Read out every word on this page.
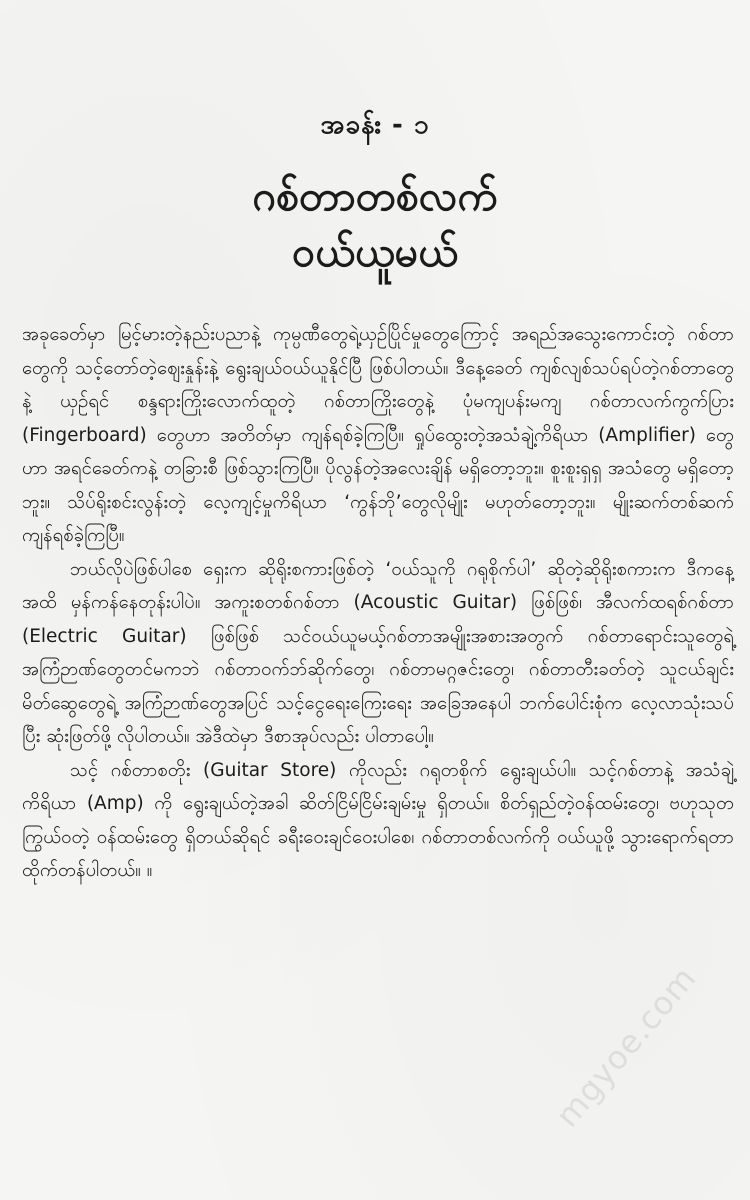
အခန်း - ၁
ဂစ်တာတစ်လက်
ဝယ်ယူမယ်

အခုခေတ်မှာ မြင့်မားတဲ့နည်းပညာနဲ့ ကုမ္ပဏီတွေရဲ့ယှဉ်ပြိုင်မှုတွေကြောင့် အရည်အသွေးကောင်းတဲ့ ဂစ်တာတွေကို သင့်တော်တဲ့ဈေးနှုန်းနဲ့ ရွေးချယ်ဝယ်ယူနိုင်ပြီ ဖြစ်ပါတယ်။ ဒီနေ့ခေတ် ကျစ်လျစ်သပ်ရပ်တဲ့ဂစ်တာတွေနဲ့ ယှဉ်ရင် စန္ဒရားကြိုးလောက်ထူတဲ့ ဂစ်တာကြိုးတွေနဲ့ ပုံမကျပန်းမကျ ဂစ်တာလက်ကွက်ပြား (Fingerboard) တွေဟာ အတိတ်မှာ ကျန်ရစ်ခဲ့ကြပြီ။ ရှုပ်ထွေးတဲ့အသံချဲ့ကိရိယာ (Amplifier) တွေဟာ အရင်ခေတ်ကနဲ့ တခြားစီ ဖြစ်သွားကြပြီ။ ပိုလွန်တဲ့အလေးချိန် မရှိတော့ဘူး။ စူးစူးရှရှ အသံတွေ မရှိတော့ဘူး။ သိပ်ရိုးစင်းလွန်းတဲ့ လေ့ကျင့်မှုကိရိယာ ‘ကွန်ဘို’တွေလိုမျိုး မဟုတ်တော့ဘူး။ မျိုးဆက်တစ်ဆက် ကျန်ရစ်ခဲ့ကြပြီ။

ဘယ်လိုပဲဖြစ်ပါစေ ရှေးက ဆိုရိုးစကားဖြစ်တဲ့ ‘ဝယ်သူကို ဂရုစိုက်ပါ’ ဆိုတဲ့ဆိုရိုးစကားက ဒီကနေ့အထိ မှန်ကန်နေတုန်းပါပဲ။ အကူးစတစ်ဂစ်တာ (Acoustic Guitar) ဖြစ်ဖြစ်၊ အီလက်ထရစ်ဂစ်တာ (Electric Guitar) ဖြစ်ဖြစ် သင်ဝယ်ယူမယ့်ဂစ်တာအမျိုးအစားအတွက် ဂစ်တာရောင်းသူတွေရဲ့ အကြံဉာဏ်တွေတင်မကဘဲ ဂစ်တာဝက်ဘ်ဆိုက်တွေ၊ ဂစ်တာမဂ္ဂဇင်းတွေ၊ ဂစ်တာတီးခတ်တဲ့ သူငယ်ချင်းမိတ်ဆွေတွေရဲ့ အကြံဉာဏ်တွေအပြင် သင့်ငွေရေးကြေးရေး အခြေအနေပါ ဘက်ပေါင်းစုံက လေ့လာသုံးသပ်ပြီး ဆုံးဖြတ်ဖို့ လိုပါတယ်။ အဲဒီထဲမှာ ဒီစာအုပ်လည်း ပါတာပေါ့။

သင့် ဂစ်တာစတိုး (Guitar Store) ကိုလည်း ဂရုတစိုက် ရွေးချယ်ပါ။ သင့်ဂစ်တာနဲ့ အသံချဲ့ကိရိယာ (Amp) ကို ရွေးချယ်တဲ့အခါ ဆိတ်ငြိမ်ငြိမ်းချမ်းမှု ရှိတယ်။ စိတ်ရှည်တဲ့ဝန်ထမ်းတွေ၊ ဗဟုသုတကြွယ်ဝတဲ့ ဝန်ထမ်းတွေ ရှိတယ်ဆိုရင် ခရီးဝေးချင်ဝေးပါစေ၊ ဂစ်တာတစ်လက်ကို ဝယ်ယူဖို့ သွားရောက်ရတာ ထိုက်တန်ပါတယ်။ ။

mgyoe.com
